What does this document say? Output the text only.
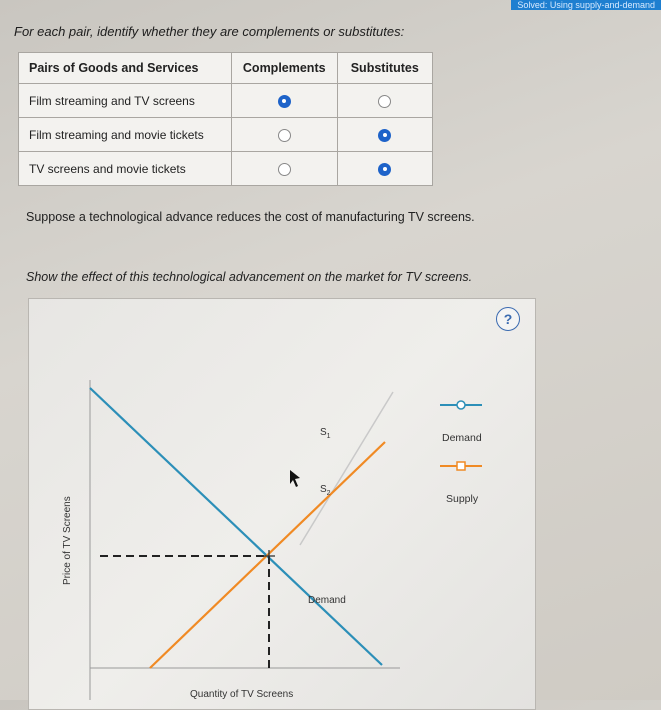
Solved: Using supply-and-demand
For each pair, identify whether they are complements or substitutes:
Pairs of Goods and Services	Complements	Substitutes
Film streaming and TV screens		
Film streaming and movie tickets		
TV screens and movie tickets		
Suppose a technological advance reduces the cost of manufacturing TV screens.
Show the effect of this technological advancement on the market for TV screens.
?
Price of TV Screens
Quantity of TV Screens
Demand
$S_1$
$S_2$
Demand
Supply
